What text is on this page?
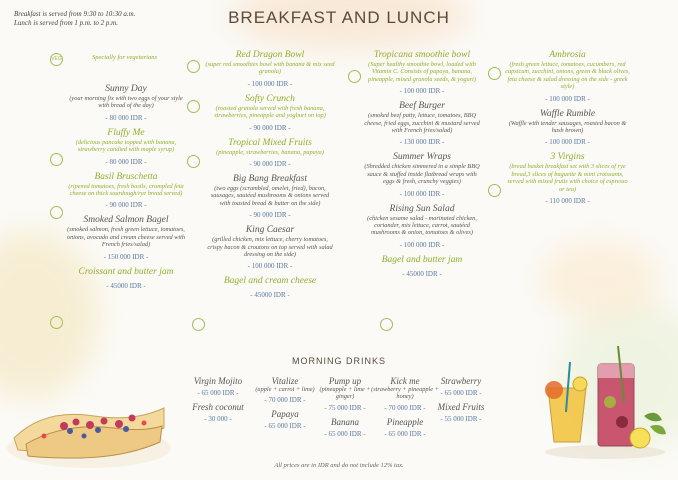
Breakfast is served from 9:30 to 10:30 a.m.
Lunch is served from 1 p.m. to 2 p.m.	BREAKFAST AND LUNCH
VEG	Specially for vegetarians
Sunny Day
(your morning fix with two eggs of your style with bread of the day)
- 80 000 IDR -
Fluffy Me
(delicious pancake topped with banana, strawberry candied with maple syrup)
- 80 000 IDR -
Basil Bruschetta
(ripened tomatoes, fresh basils, crumpled feta cheese on thick sourdough/rye bread served)
- 90 000 IDR -
Smoked Salmon Bagel
(smoked salmon, fresh green lettuce, tomatoes, onions, avocado and cream cheese served with French fries/salad)
- 150 000 IDR -
Croissant and butter jam
- 45000 IDR -
Red Dragon Bowl
(super red smoothies bowl with banana & mix seed granola)
- 100 000 IDR -
Softy Crunch
(roasted granola served with fresh banana, strawberries, pineapple and yoghurt on top)
- 90 000 IDR -
Tropical Mixed Fruits
(pineapple, strawberries, banana, papaya)
- 90 000 IDR -
Big Bang Breakfast
(two eggs (scrambled, omelet, fried), bacon, sausages, sautéed mushrooms & onions served with toasted bread & butter on the side)
- 90 000 IDR -
King Caesar
(grilled chicken, mix lettuce, cherry tomatoes, crispy bacon & croutons on top served with salad dressing on the side)
- 100 000 IDR -
Bagel and cream cheese
- 45000 IDR -
Tropicana smoothie bowl
(Super healthy smoothie bowl, loaded with Vitamin C. Consists of papaya, banana, pineapple, mixed granola seeds, & yogurt)
- 100 000 IDR -
Beef Burger
(smoked beef patty, lettuce, tomatoes, BBQ cheese, fried eggs, zucchini & mustard served with French fries/salad)
- 130 000 IDR -
Summer Wraps
(Shredded chicken simmered in a simple BBQ sauce & stuffed inside flatbread wraps with eggs & fresh, crunchy veggies)
- 100 000 IDR -
Rising Sun Salad
(chicken sesame salad - marinated chicken, coriander, mix lettuce, carrot, sautéed mushrooms & onion, tomatoes & olives)
- 100 000 IDR -
Bagel and butter jam
- 45000 IDR -
Ambrosia
(fresh green lettuce, tomatoes, cucumbers, red capsicum, zucchini, onions, green & black olives, feta cheese & salad dressing on the side - greek style)
- 100 000 IDR -
Waffle Rumble
(Waffle with tender sausages, roasted bacon & hash brown)
- 100 000 IDR -
3 Virgins
(bread basket breakfast set with 3 slices of rye bread,3 slices of baguette & mini croissants, served with mixed fruits with choice of espresso or tea)
- 110 000 IDR -
MORNING DRINKS
Virgin Mojito
- 65 000 IDR -
Fresh coconut
- 30 000 -
Vitalize
(apple + carrot + lime)
- 70 000 IDR -
Papaya
- 65 000 IDR -
Pump up
(pineapple + lime + ginger)
- 75 000 IDR -
Banana
- 65 000 IDR -
Kick me
(strawberry + pineapple + honey)
- 70 000 IDR -
Pineapple
- 65 000 IDR -
Strawberry
- 65 000 IDR -
Mixed Fruits
- 55 000 IDR -
All prices are in IDR and do not include 12% tax.
